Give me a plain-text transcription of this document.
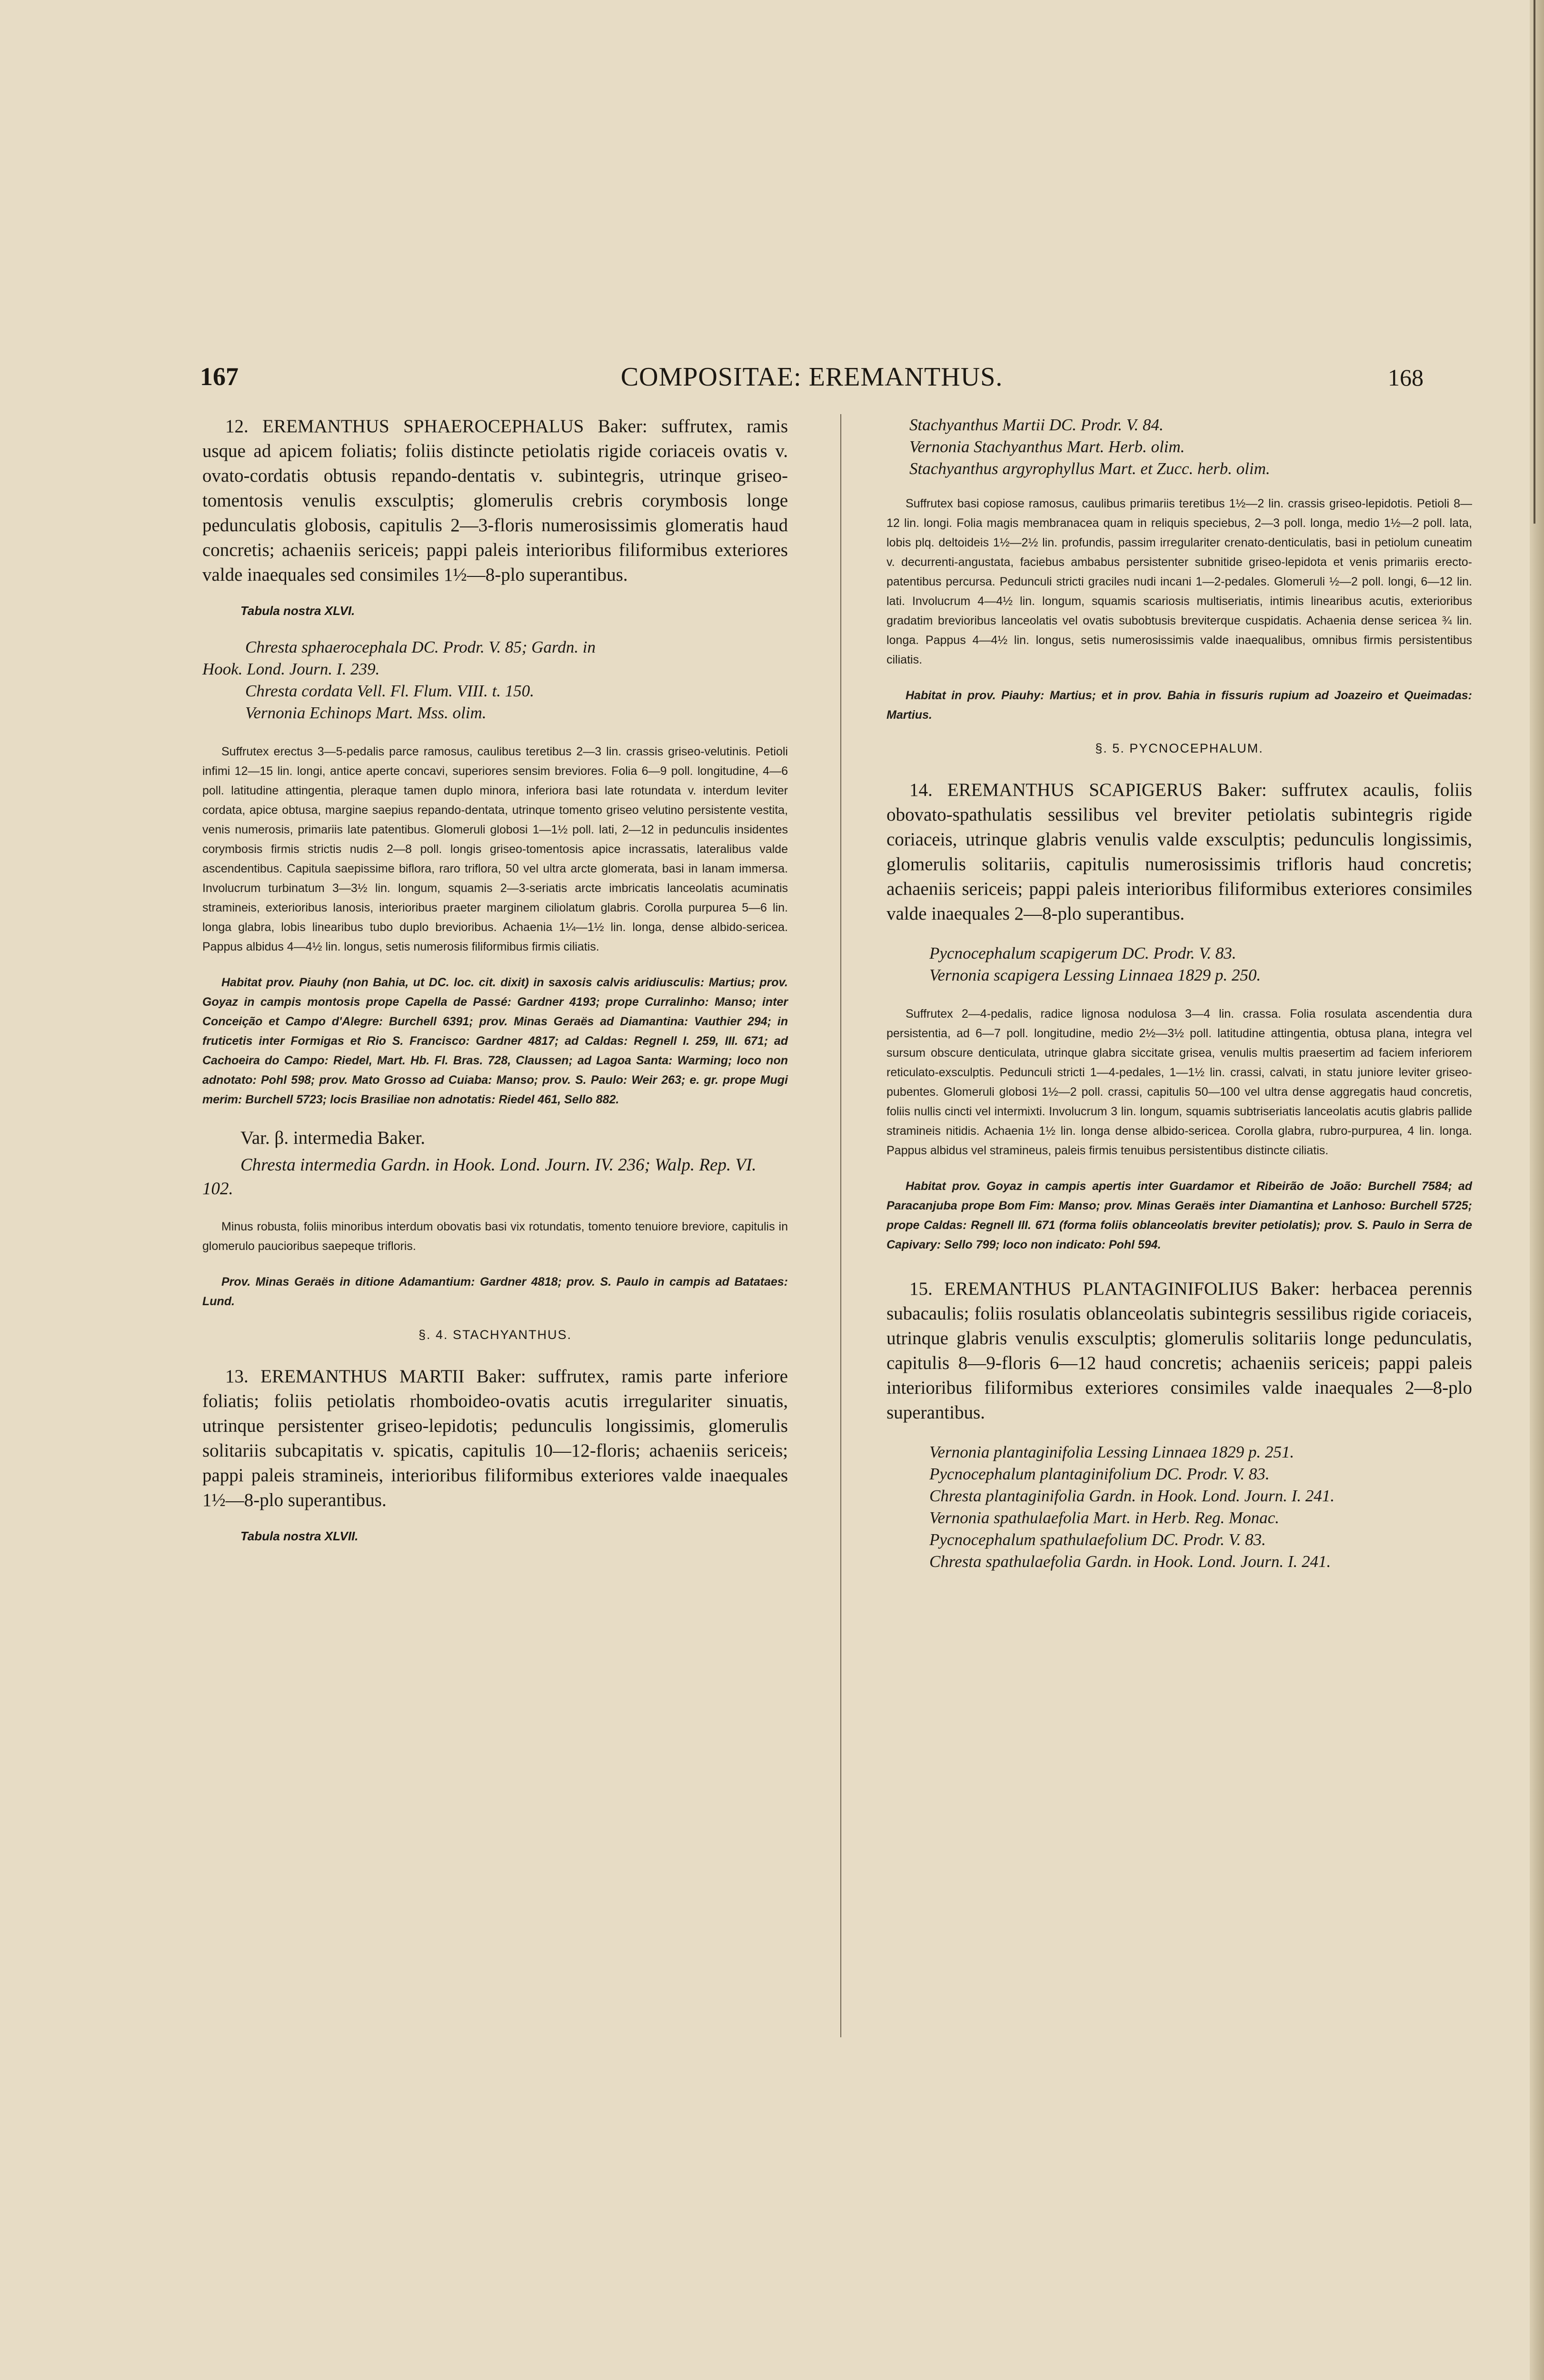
167	COMPOSITAE: EREMANTHUS.	168

12. EREMANTHUS SPHAEROCEPHALUS Baker: suffrutex, ramis usque ad apicem foliatis; foliis distincte petiolatis rigide coriaceis ovatis v. ovato-cordatis obtusis repando-dentatis v. subintegris, utrinque griseo-tomentosis venulis exsculptis; glomerulis crebris corymbosis longe pedunculatis globosis, capitulis 2—3-floris numerosissimis glomeratis haud concretis; achaeniis sericeis; pappi paleis interioribus filiformibus exteriores valde inaequales sed consimiles 1½—8-plo superantibus.

Tabula nostra XLVI.

Chresta sphaerocephala DC. Prodr. V. 85; Gardn. in

Hook. Lond. Journ. I. 239.

Chresta cordata Vell. Fl. Flum. VIII. t. 150.

Vernonia Echinops Mart. Mss. olim.

Suffrutex erectus 3—5-pedalis parce ramosus, caulibus teretibus 2—3 lin. crassis griseo-velutinis. Petioli infimi 12—15 lin. longi, antice aperte concavi, superiores sensim breviores. Folia 6—9 poll. longitudine, 4—6 poll. latitudine attingentia, pleraque tamen duplo minora, inferiora basi late rotundata v. interdum leviter cordata, apice obtusa, margine saepius repando-dentata, utrinque tomento griseo velutino persistente vestita, venis numerosis, primariis late patentibus. Glomeruli globosi 1—1½ poll. lati, 2—12 in pedunculis insidentes corymbosis firmis strictis nudis 2—8 poll. longis griseo-tomentosis apice incrassatis, lateralibus valde ascendentibus. Capitula saepissime biflora, raro triflora, 50 vel ultra arcte glomerata, basi in lanam immersa. Involucrum turbinatum 3—3½ lin. longum, squamis 2—3-seriatis arcte imbricatis lanceolatis acuminatis stramineis, exterioribus lanosis, interioribus praeter marginem ciliolatum glabris. Corolla purpurea 5—6 lin. longa glabra, lobis linearibus tubo duplo brevioribus. Achaenia 1¼—1½ lin. longa, dense albido-sericea. Pappus albidus 4—4½ lin. longus, setis numerosis filiformibus firmis ciliatis.

Habitat prov. Piauhy (non Bahia, ut DC. loc. cit. dixit) in saxosis calvis aridiusculis: Martius; prov. Goyaz in campis montosis prope Capella de Passé: Gardner 4193; prope Curralinho: Manso; inter Conceição et Campo d'Alegre: Burchell 6391; prov. Minas Geraës ad Diamantina: Vauthier 294; in fruticetis inter Formigas et Rio S. Francisco: Gardner 4817; ad Caldas: Regnell I. 259, III. 671; ad Cachoeira do Campo: Riedel, Mart. Hb. Fl. Bras. 728, Claussen; ad Lagoa Santa: Warming; loco non adnotato: Pohl 598; prov. Mato Grosso ad Cuiaba: Manso; prov. S. Paulo: Weir 263; e. gr. prope Mugi merim: Burchell 5723; locis Brasiliae non adnotatis: Riedel 461, Sello 882.

Var. β. intermedia Baker.

Chresta intermedia Gardn. in Hook. Lond. Journ. IV. 236; Walp. Rep. VI. 102.

Minus robusta, foliis minoribus interdum obovatis basi vix rotundatis, tomento tenuiore breviore, capitulis in glomerulo paucioribus saepeque trifloris.

Prov. Minas Geraës in ditione Adamantium: Gardner 4818; prov. S. Paulo in campis ad Batataes: Lund.

§. 4. STACHYANTHUS.

13. EREMANTHUS MARTII Baker: suffrutex, ramis parte inferiore foliatis; foliis petiolatis rhomboideo-ovatis acutis irregulariter sinuatis, utrinque persistenter griseo-lepidotis; pedunculis longissimis, glomerulis solitariis subcapitatis v. spicatis, capitulis 10—12-floris; achaeniis sericeis; pappi paleis stramineis, interioribus filiformibus exteriores valde inaequales 1½—8-plo superantibus.

Tabula nostra XLVII.

Stachyanthus Martii DC. Prodr. V. 84.

Vernonia Stachyanthus Mart. Herb. olim.

Stachyanthus argyrophyllus Mart. et Zucc. herb. olim.

Suffrutex basi copiose ramosus, caulibus primariis teretibus 1½—2 lin. crassis griseo-lepidotis. Petioli 8—12 lin. longi. Folia magis membranacea quam in reliquis speciebus, 2—3 poll. longa, medio 1½—2 poll. lata, lobis plq. deltoideis 1½—2½ lin. profundis, passim irregulariter crenato-denticulatis, basi in petiolum cuneatim v. decurrenti-angustata, faciebus ambabus persistenter subnitide griseo-lepidota et venis primariis erecto-patentibus percursa. Pedunculi stricti graciles nudi incani 1—2-pedales. Glomeruli ½—2 poll. longi, 6—12 lin. lati. Involucrum 4—4½ lin. longum, squamis scariosis multiseriatis, intimis linearibus acutis, exterioribus gradatim brevioribus lanceolatis vel ovatis subobtusis breviterque cuspidatis. Achaenia dense sericea ¾ lin. longa. Pappus 4—4½ lin. longus, setis numerosissimis valde inaequalibus, omnibus firmis persistentibus ciliatis.

Habitat in prov. Piauhy: Martius; et in prov. Bahia in fissuris rupium ad Joazeiro et Queimadas: Martius.

§. 5. PYCNOCEPHALUM.

14. EREMANTHUS SCAPIGERUS Baker: suffrutex acaulis, foliis obovato-spathulatis sessilibus vel breviter petiolatis subintegris rigide coriaceis, utrinque glabris venulis valde exsculptis; pedunculis longissimis, glomerulis solitariis, capitulis numerosissimis trifloris haud concretis; achaeniis sericeis; pappi paleis interioribus filiformibus exteriores consimiles valde inaequales 2—8-plo superantibus.

Pycnocephalum scapigerum DC. Prodr. V. 83.

Vernonia scapigera Lessing Linnaea 1829 p. 250.

Suffrutex 2—4-pedalis, radice lignosa nodulosa 3—4 lin. crassa. Folia rosulata ascendentia dura persistentia, ad 6—7 poll. longitudine, medio 2½—3½ poll. latitudine attingentia, obtusa plana, integra vel sursum obscure denticulata, utrinque glabra siccitate grisea, venulis multis praesertim ad faciem inferiorem reticulato-exsculptis. Pedunculi stricti 1—4-pedales, 1—1½ lin. crassi, calvati, in statu juniore leviter griseo-pubentes. Glomeruli globosi 1½—2 poll. crassi, capitulis 50—100 vel ultra dense aggregatis haud concretis, foliis nullis cincti vel intermixti. Involucrum 3 lin. longum, squamis subtriseriatis lanceolatis acutis glabris pallide stramineis nitidis. Achaenia 1½ lin. longa dense albido-sericea. Corolla glabra, rubro-purpurea, 4 lin. longa. Pappus albidus vel stramineus, paleis firmis tenuibus persistentibus distincte ciliatis.

Habitat prov. Goyaz in campis apertis inter Guardamor et Ribeirão de João: Burchell 7584; ad Paracanjuba prope Bom Fim: Manso; prov. Minas Geraës inter Diamantina et Lanhoso: Burchell 5725; prope Caldas: Regnell III. 671 (forma foliis oblanceolatis breviter petiolatis); prov. S. Paulo in Serra de Capivary: Sello 799; loco non indicato: Pohl 594.

15. EREMANTHUS PLANTAGINIFOLIUS Baker: herbacea perennis subacaulis; foliis rosulatis oblanceolatis subintegris sessilibus rigide coriaceis, utrinque glabris venulis exsculptis; glomerulis solitariis longe pedunculatis, capitulis 8—9-floris 6—12 haud concretis; achaeniis sericeis; pappi paleis interioribus filiformibus exteriores consimiles valde inaequales 2—8-plo superantibus.

Vernonia plantaginifolia Lessing Linnaea 1829 p. 251.

Pycnocephalum plantaginifolium DC. Prodr. V. 83.

Chresta plantaginifolia Gardn. in Hook. Lond. Journ. I. 241.

Vernonia spathulaefolia Mart. in Herb. Reg. Monac.

Pycnocephalum spathulaefolium DC. Prodr. V. 83.

Chresta spathulaefolia Gardn. in Hook. Lond. Journ. I. 241.
